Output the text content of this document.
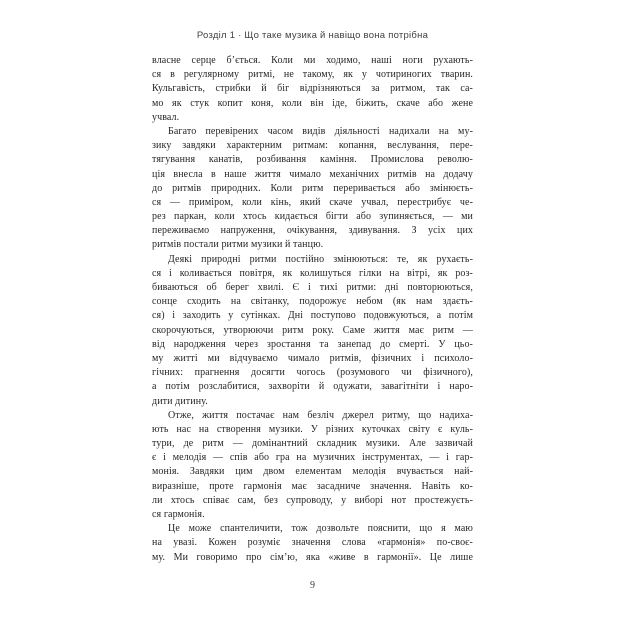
Розділ 1 · Що таке музика й навіщо вона потрібна
власне серце б’ється. Коли ми ходимо, наші ноги рухають-
ся в регулярному ритмі, не такому, як у чотириногих тварин.
Кульгавість, стрибки й біг відрізняються за ритмом, так са-
мо як стук копит коня, коли він іде, біжить, скаче або жене
учвал.
Багато перевірених часом видів діяльності надихали на му-
зику завдяки характерним ритмам: копання, веслування, пере-
тягування канатів, розбивання каміння. Промислова револю-
ція внесла в наше життя чимало механічних ритмів на додачу
до ритмів природних. Коли ритм переривається або змінюєть-
ся — приміром, коли кінь, який скаче учвал, перестрибує че-
рез паркан, коли хтось кидається бігти або зупиняється, — ми
переживаємо напруження, очікування, здивування. З усіх цих
ритмів постали ритми музики й танцю.
Деякі природні ритми постійно змінюються: те, як рухаєть-
ся і коливається повітря, як колишуться гілки на вітрі, як роз-
биваються об берег хвилі. Є і тихі ритми: дні повторюються,
сонце сходить на світанку, подорожує небом (як нам здаєть-
ся) і заходить у сутінках. Дні поступово подовжуються, а потім
скорочуються, утворюючи ритм року. Саме життя має ритм —
від народження через зростання та занепад до смерті. У цьо-
му житті ми відчуваємо чимало ритмів, фізичних і психоло-
гічних: прагнення досягти чогось (розумового чи фізичного),
а потім розслабитися, захворіти й одужати, завагітніти і наро-
дити дитину.
Отже, життя постачає нам безліч джерел ритму, що надиха-
ють нас на створення музики. У різних куточках світу є куль-
тури, де ритм — домінантний складник музики. Але зазвичай
є і мелодія — спів або гра на музичних інструментах, — і гар-
монія. Завдяки цим двом елементам мелодія вчувається най-
виразніше, проте гармонія має засадниче значення. Навіть ко-
ли хтось співає сам, без супроводу, у виборі нот простежуєть-
ся гармонія.
Це може спантеличити, тож дозвольте пояснити, що я маю
на увазі. Кожен розуміє значення слова «гармонія» по-своє-
му. Ми говоримо про сім’ю, яка «живе в гармонії». Це лише
9
